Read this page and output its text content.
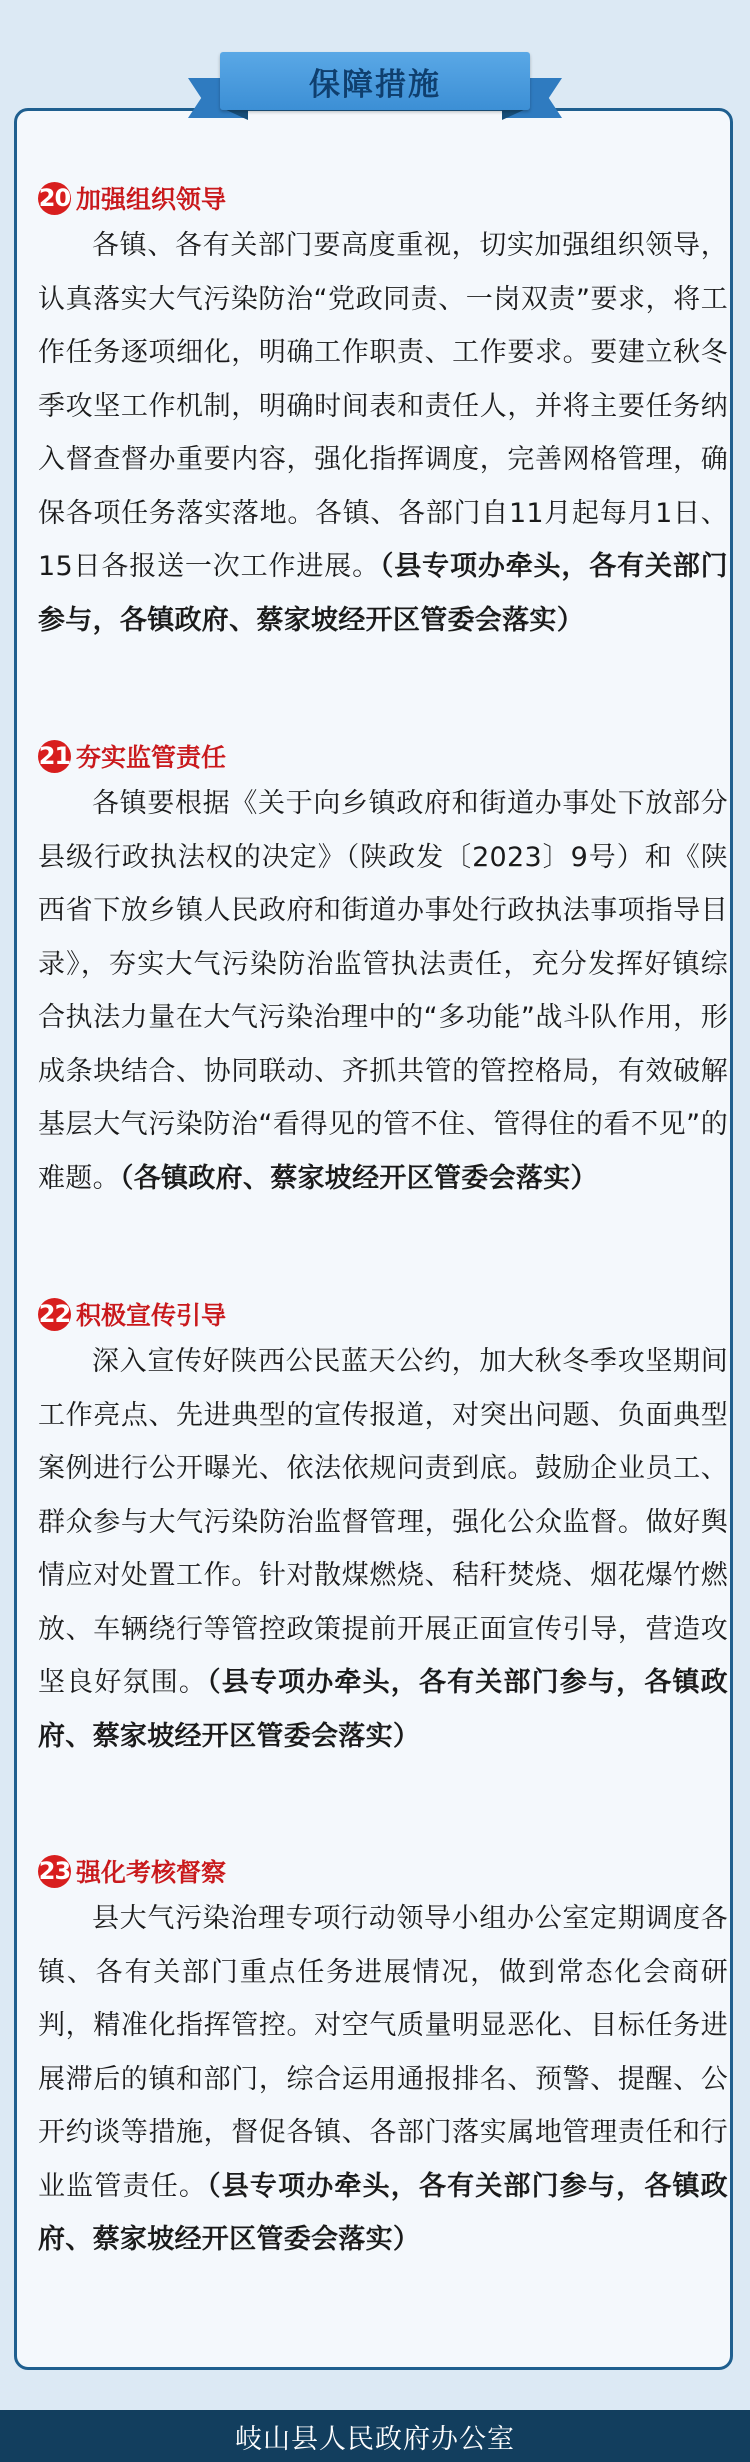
保障措施
20 加强组织领导

各镇、各有关部门要高度重视，切实加强组织领导，认真落实大气污染防治“党政同责、一岗双责”要求，将工作任务逐项细化，明确工作职责、工作要求。要建立秋冬季攻坚工作机制，明确时间表和责任人，并将主要任务纳入督查督办重要内容，强化指挥调度，完善网格管理，确保各项任务落实落地。各镇、各部门自11月起每月1日、15日各报送一次工作进展。（县专项办牵头，各有关部门参与，各镇政府、蔡家坡经开区管委会落实）

21 夯实监管责任

各镇要根据《关于向乡镇政府和街道办事处下放部分县级行政执法权的决定》（陕政发〔2023〕9号）和《陕西省下放乡镇人民政府和街道办事处行政执法事项指导目录》，夯实大气污染防治监管执法责任，充分发挥好镇综合执法力量在大气污染治理中的“多功能”战斗队作用，形成条块结合、协同联动、齐抓共管的管控格局，有效破解基层大气污染防治“看得见的管不住、管得住的看不见”的难题。（各镇政府、蔡家坡经开区管委会落实）

22 积极宣传引导

深入宣传好陕西公民蓝天公约，加大秋冬季攻坚期间工作亮点、先进典型的宣传报道，对突出问题、负面典型案例进行公开曝光、依法依规问责到底。鼓励企业员工、群众参与大气污染防治监督管理，强化公众监督。做好舆情应对处置工作。针对散煤燃烧、秸秆焚烧、烟花爆竹燃放、车辆绕行等管控政策提前开展正面宣传引导，营造攻坚良好氛围。（县专项办牵头，各有关部门参与，各镇政府、蔡家坡经开区管委会落实）

23 强化考核督察

县大气污染治理专项行动领导小组办公室定期调度各镇、各有关部门重点任务进展情况，做到常态化会商研判，精准化指挥管控。对空气质量明显恶化、目标任务进展滞后的镇和部门，综合运用通报排名、预警、提醒、公开约谈等措施，督促各镇、各部门落实属地管理责任和行业监管责任。（县专项办牵头，各有关部门参与，各镇政府、蔡家坡经开区管委会落实）

岐山县人民政府办公室
